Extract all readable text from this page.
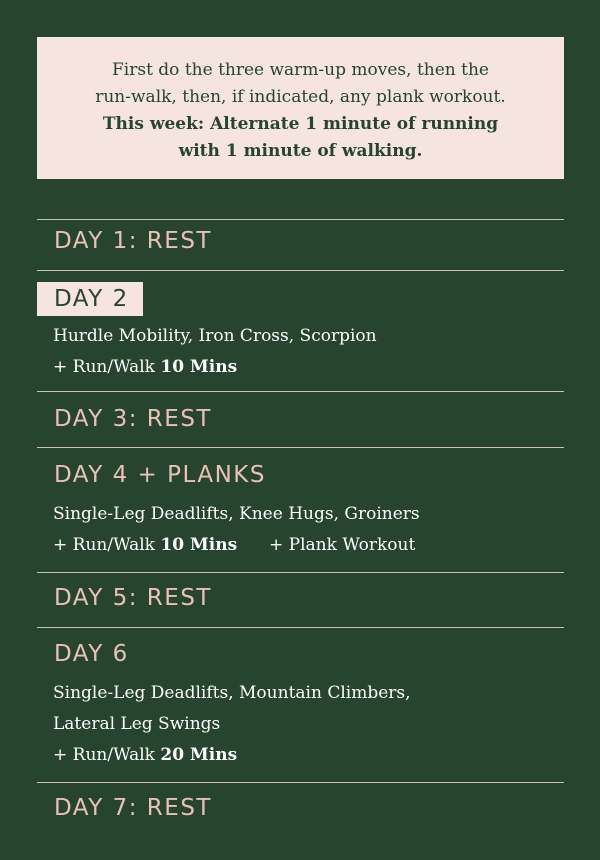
First do the three warm-up moves, then the
run-walk, then, if indicated, any plank workout.
This week: Alternate 1 minute of running
with 1 minute of walking.
DAY 1: REST
DAY 2
Hurdle Mobility, Iron Cross, Scorpion
+ Run/Walk 10 Mins
DAY 3: REST
DAY 4 + PLANKS
Single-Leg Deadlifts, Knee Hugs, Groiners
+ Run/Walk 10 Mins + Plank Workout
DAY 5: REST
DAY 6
Single-Leg Deadlifts, Mountain Climbers,
Lateral Leg Swings
+ Run/Walk 20 Mins
DAY 7: REST
